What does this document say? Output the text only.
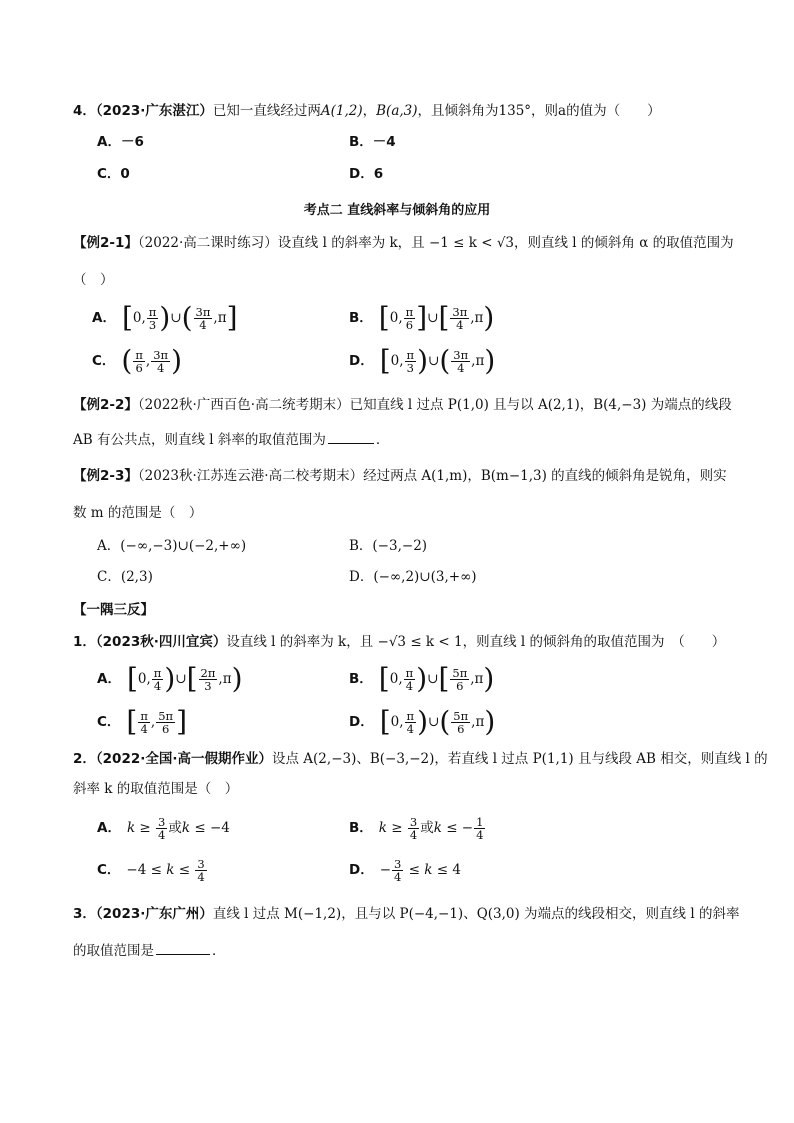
4．（2023·广东湛江）已知一直线经过两A(1,2)，B(a,3)，且倾斜角为135°，则a的值为（　　）
A．－6	B．－4
C．0	D．6
考点二 直线斜率与倾斜角的应用
【例2-1】（2022·高二课时练习）设直线 l 的斜率为 k，且 −1 ≤ k < √3，则直线 l 的倾斜角 α 的取值范围为
（　）
A． [0, $\frac{\pi}{3}$ )∪( $\frac{3\pi}{4} ,\pi$]	B． [0, $\frac{\pi}{6}$ ]∪[ $\frac{3\pi}{4} ,\pi$)
C． ( $\frac{\pi}{6}$ , $\frac{3\pi}{4}$ )	D． [0, $\frac{\pi}{3}$ )∪( $\frac{3\pi}{4} ,\pi$)
【例2-2】（2022秋·广西百色·高二统考期末）已知直线 l 过点 P(1,0) 且与以 A(2,1)，B(4,−3) 为端点的线段
AB 有公共点，则直线 l 斜率的取值范围为	．
【例2-3】（2023秋·江苏连云港·高二校考期末）经过两点 A(1,m)，B(m−1,3) 的直线的倾斜角是锐角，则实
数 m 的范围是（　）
A．(−∞,−3)∪(−2,+∞)	B．(−3,−2)
C．(2,3)	D．(−∞,2)∪(3,+∞)
【一隅三反】
1．（2023秋·四川宜宾）设直线 l 的斜率为 k，且 −√3 ≤ k < 1，则直线 l 的倾斜角的取值范围为　（　　）
A． [0, $\frac{\pi}{4}$ )∪[ $\frac{2\pi}{3} ,\pi$)	B． [0, $\frac{\pi}{4}$ )∪[ $\frac{5\pi}{6} ,\pi$)
C． [ $\frac{\pi}{4}$ , $\frac{5\pi}{6}$ ]	D． [0, $\frac{\pi}{4}$ )∪( $\frac{5\pi}{6} ,\pi$)
2．（2022·全国·高一假期作业）设点 A(2,−3)、B(−3,−2)，若直线 l 过点 P(1,1) 且与线段 AB 相交，则直线 l 的
斜率 k 的取值范围是（　）
A． $k \ge \frac{3}{4}$ 或k ≤ −4	B． $k \ge \frac{3}{4}$ 或k ≤ − $\frac{1}{4}$
C． $-4 \le k \le \frac{3}{4}$	D． − $\frac{3}{4} \le k \le 4$
3．（2023·广东广州）直线 l 过点 M(−1,2)，且与以 P(−4,−1)、Q(3,0) 为端点的线段相交，则直线 l 的斜率
的取值范围是	．
